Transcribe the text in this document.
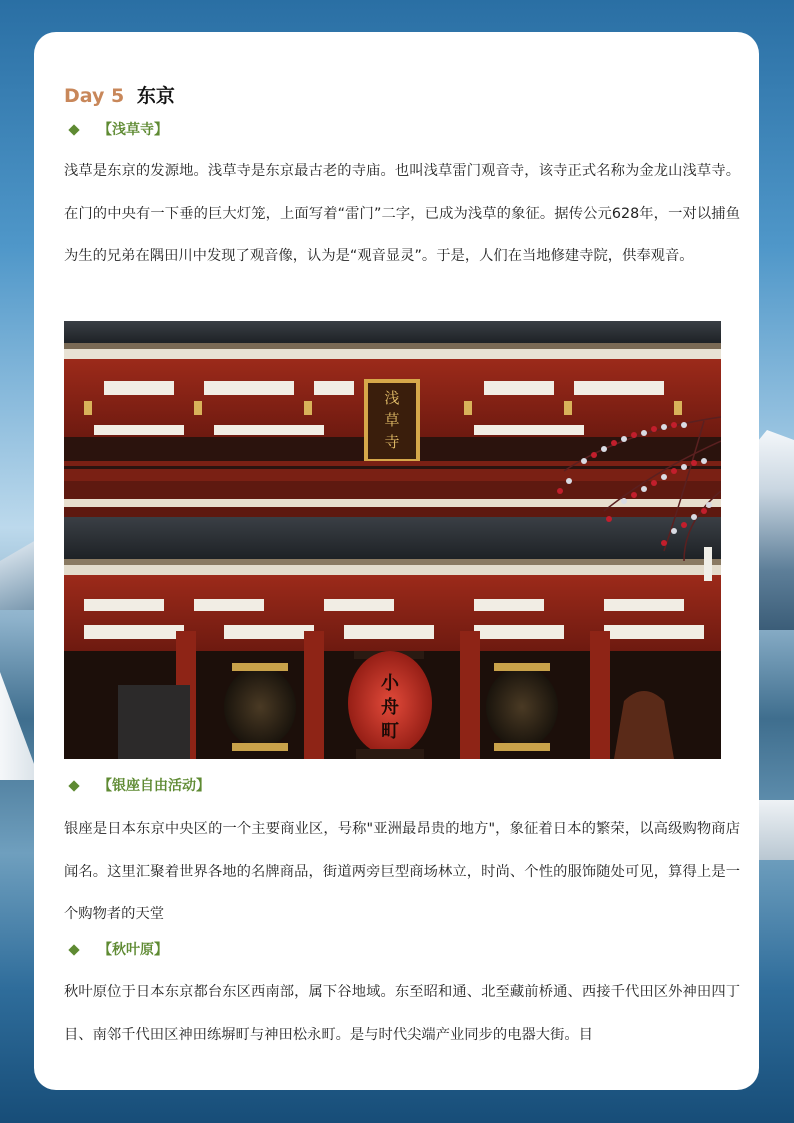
Day 5 东京
【浅草寺】
浅草是东京的发源地。浅草寺是东京最古老的寺庙。也叫浅草雷门观音寺，该寺正式名称为金龙山浅草寺。在门的中央有一下垂的巨大灯笼，上面写着“雷门”二字，已成为浅草的象征。据传公元628年，一对以捕鱼为生的兄弟在隅田川中发现了观音像，认为是“观音显灵”。于是，人们在当地修建寺院，供奉观音。
浅
草
寺
小
舟
町
【银座自由活动】
银座是日本东京中央区的一个主要商业区，号称"亚洲最昂贵的地方"，象征着日本的繁荣，以高级购物商店闻名。这里汇聚着世界各地的名牌商品，街道两旁巨型商场林立，时尚、个性的服饰随处可见，算得上是一个购物者的天堂
【秋叶原】
秋叶原位于日本东京都台东区西南部，属下谷地域。东至昭和通、北至藏前桥通、西接千代田区外神田四丁目、南邻千代田区神田练塀町与神田松永町。是与时代尖端产业同步的电器大街。目
